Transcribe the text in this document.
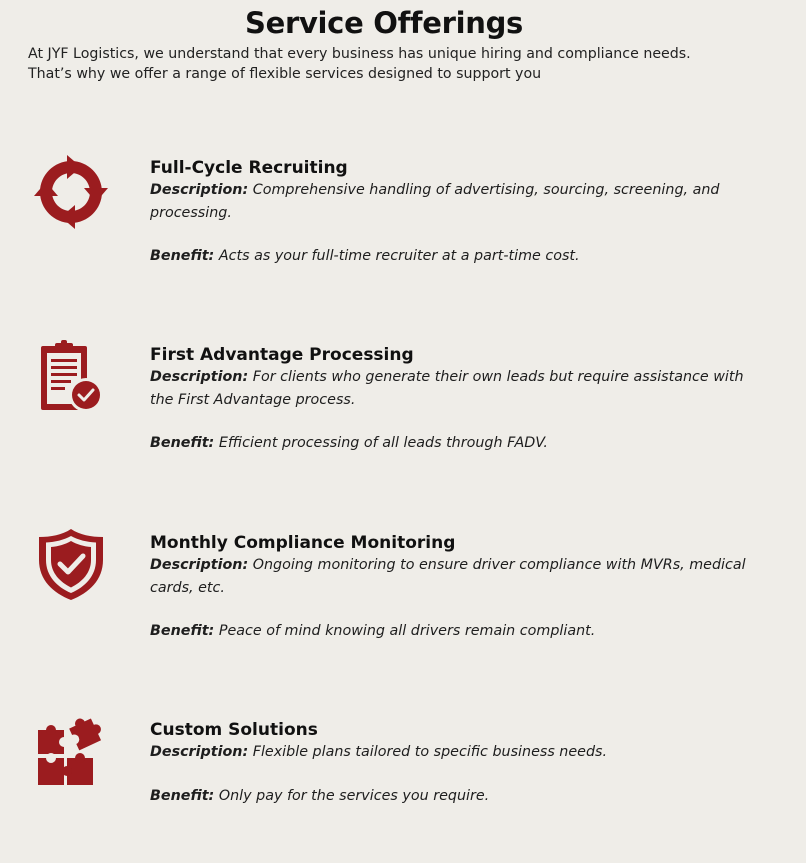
Service Offerings

At JYF Logistics, we understand that every business has unique hiring and compliance needs. That’s why we offer a range of flexible services designed to support you

Full-Cycle Recruiting

Description: Comprehensive handling of advertising, sourcing, screening, and processing.

Benefit: Acts as your full-time recruiter at a part-time cost.

First Advantage Processing

Description: For clients who generate their own leads but require assistance with the First Advantage process.

Benefit: Efficient processing of all leads through FADV.

Monthly Compliance Monitoring

Description: Ongoing monitoring to ensure driver compliance with MVRs, medical cards, etc.

Benefit: Peace of mind knowing all drivers remain compliant.

Custom Solutions

Description: Flexible plans tailored to specific business needs.

Benefit: Only pay for the services you require.
